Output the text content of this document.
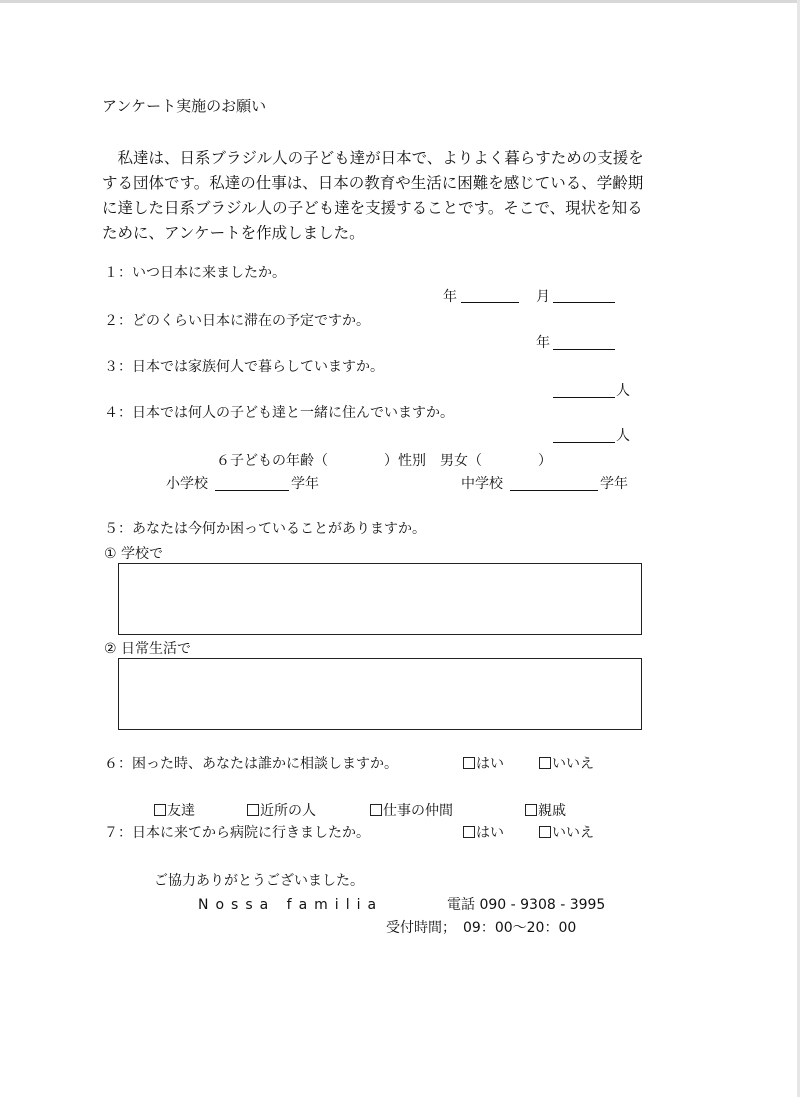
アンケート実施のお願い
　私達は、日系ブラジル人の子ども達が日本で、よりよく暮らすための支援を
する団体です。私達の仕事は、日本の教育や生活に困難を感じている、学齢期
に達した日系ブラジル人の子ども達を支援することです。そこで、現状を知る
ために、アンケートを作成しました。
１：いつ日本に来ましたか。
年	月
２：どのくらい日本に滞在の予定ですか。
年
３：日本では家族何人で暮らしていますか。
人
４：日本では何人の子ども達と一緒に住んでいますか。
人
６子どもの年齢（　　　　）性別　男女（　　　　）
小学校	学年	中学校	学年
５：あなたは今何か困っていることがありますか。
① 学校で
② 日常生活で
６：困った時、あなたは誰かに相談しますか。	はい	いいえ
友達	近所の人	仕事の仲間	親戚
７：日本に来てから病院に行きましたか。	はい	いいえ
ご協力ありがとうございました。
Nossa familia	電話 090 - 9308 - 3995
受付時間；　09：00～20：00
